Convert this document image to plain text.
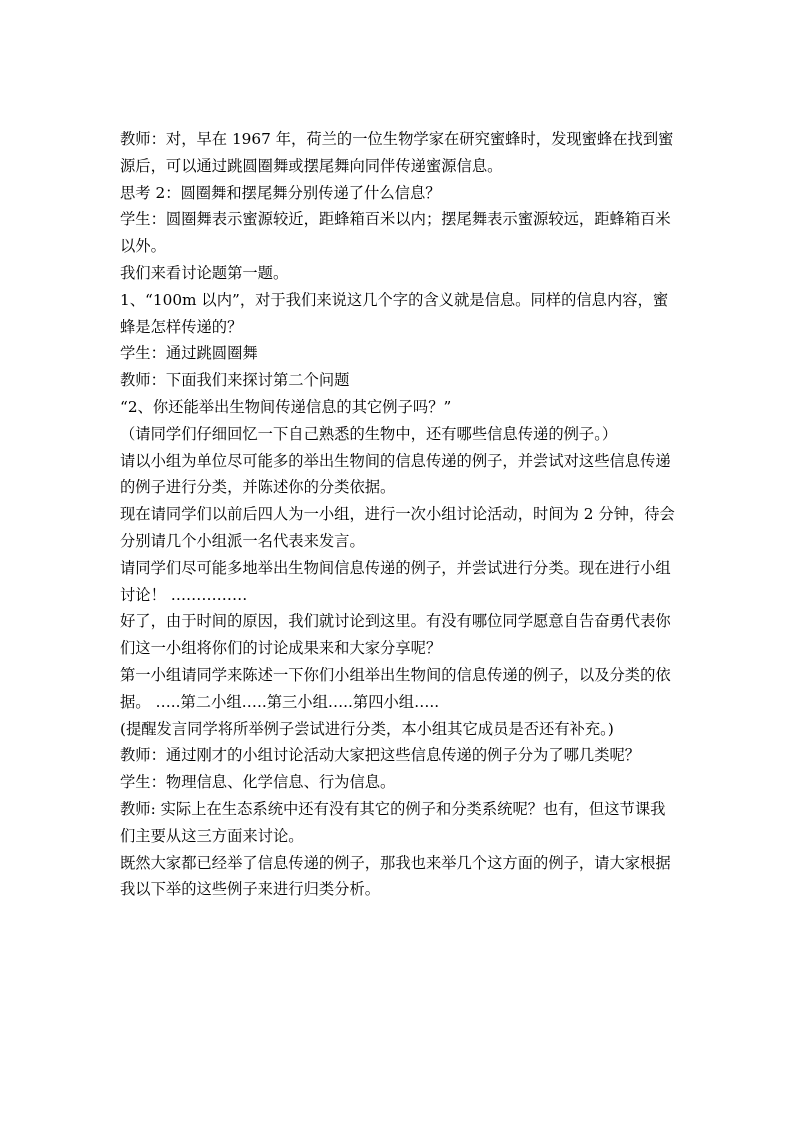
教师：对，早在 1967 年，荷兰的一位生物学家在研究蜜蜂时，发现蜜蜂在找到蜜源后，可以通过跳圆圈舞或摆尾舞向同伴传递蜜源信息。

思考 2：圆圈舞和摆尾舞分别传递了什么信息？

学生：圆圈舞表示蜜源较近，距蜂箱百米以内；摆尾舞表示蜜源较远，距蜂箱百米以外。

我们来看讨论题第一题。

1、“100m 以内”，对于我们来说这几个字的含义就是信息。同样的信息内容，蜜蜂是怎样传递的？

学生：通过跳圆圈舞

教师：下面我们来探讨第二个问题

“2、你还能举出生物间传递信息的其它例子吗？”

（请同学们仔细回忆一下自己熟悉的生物中，还有哪些信息传递的例子。）

请以小组为单位尽可能多的举出生物间的信息传递的例子，并尝试对这些信息传递的例子进行分类，并陈述你的分类依据。

现在请同学们以前后四人为一小组，进行一次小组讨论活动，时间为 2 分钟，待会分别请几个小组派一名代表来发言。

请同学们尽可能多地举出生物间信息传递的例子，并尝试进行分类。现在进行小组讨论！ ……………

好了，由于时间的原因，我们就讨论到这里。有没有哪位同学愿意自告奋勇代表你们这一小组将你们的讨论成果来和大家分享呢？

第一小组请同学来陈述一下你们小组举出生物间的信息传递的例子，以及分类的依据。 …..第二小组…..第三小组…..第四小组…..

(提醒发言同学将所举例子尝试进行分类，本小组其它成员是否还有补充。)

教师：通过刚才的小组讨论活动大家把这些信息传递的例子分为了哪几类呢？

学生：物理信息、化学信息、行为信息。

教师: 实际上在生态系统中还有没有其它的例子和分类系统呢？也有，但这节课我们主要从这三方面来讨论。

既然大家都已经举了信息传递的例子，那我也来举几个这方面的例子，请大家根据我以下举的这些例子来进行归类分析。
